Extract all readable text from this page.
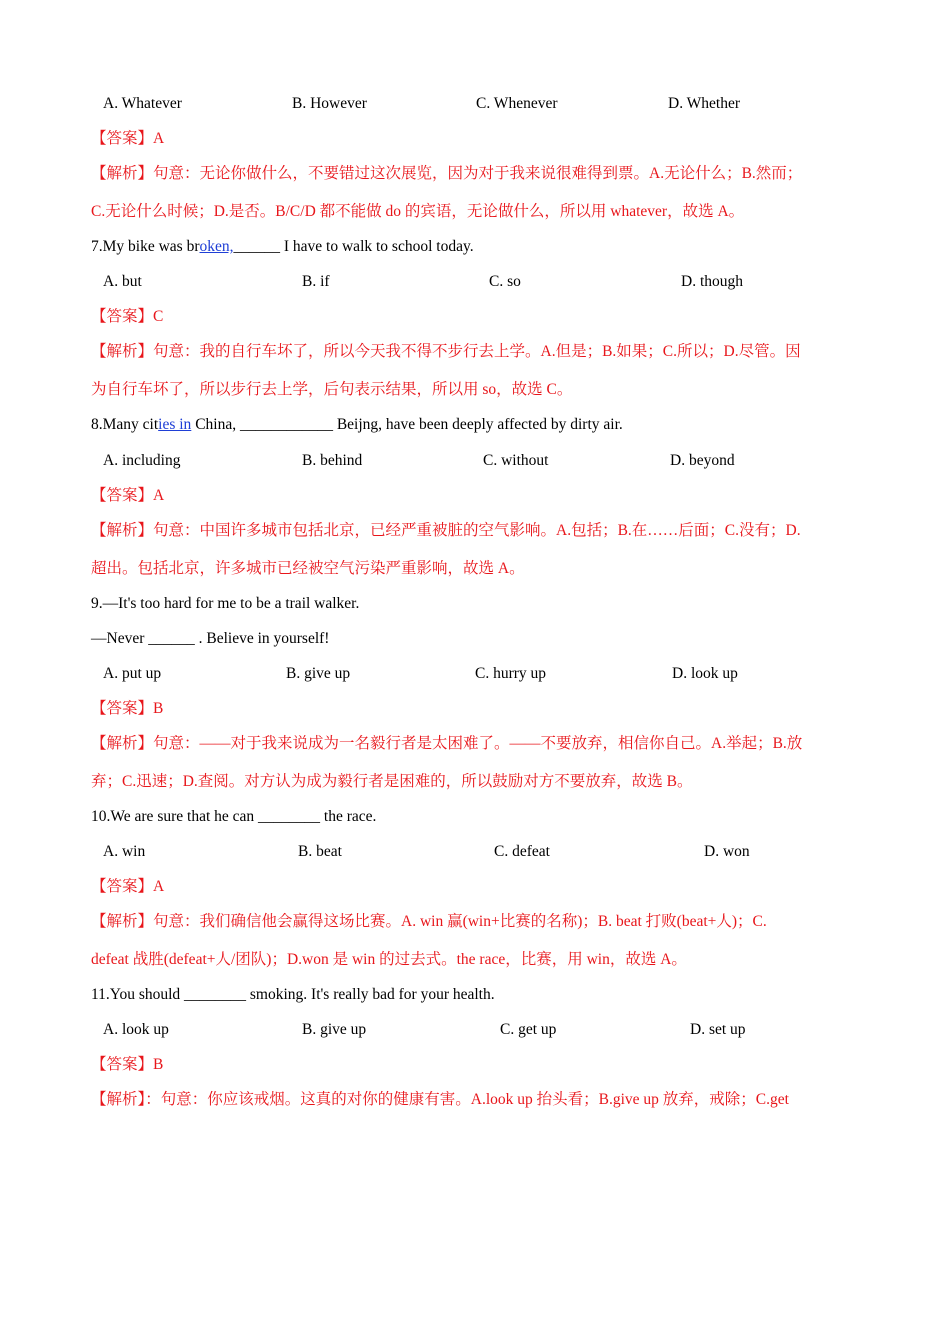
A. Whatever	B. However	C. Whenever	D. Whether
【答案】A
【解析】句意：无论你做什么，不要错过这次展览，因为对于我来说很难得到票。A.无论什么；B.然而；
C.无论什么时候；D.是否。B/C/D 都不能做 do 的宾语，无论做什么，所以用 whatever，故选 A。
7.My bike was broken,______ I have to walk to school today.
A. but	B. if	C. so	D. though
【答案】C
【解析】句意：我的自行车坏了，所以今天我不得不步行去上学。A.但是；B.如果；C.所以；D.尽管。因
为自行车坏了，所以步行去上学，后句表示结果，所以用 so，故选 C。
8.Many cities in China, ____________ Beijng, have been deeply affected by dirty air.
A. including	B. behind	C. without	D. beyond
【答案】A
【解析】句意：中国许多城市包括北京，已经严重被脏的空气影响。A.包括；B.在……后面；C.没有；D.
超出。包括北京，许多城市已经被空气污染严重影响，故选 A。
9.—It's too hard for me to be a trail walker.
—Never ______ . Believe in yourself!
A. put up	B. give up	C. hurry up	D. look up
【答案】B
【解析】句意：——对于我来说成为一名毅行者是太困难了。——不要放弃，相信你自己。A.举起；B.放
弃；C.迅速；D.查阅。对方认为成为毅行者是困难的，所以鼓励对方不要放弃，故选 B。
10.We are sure that he can ________ the race.
A. win	B. beat	C. defeat	D. won
【答案】A
【解析】句意：我们确信他会赢得这场比赛。A. win 赢(win+比赛的名称)；B. beat 打败(beat+人)；C.
defeat 战胜(defeat+人/团队)；D.won 是 win 的过去式。the race，比赛，用 win，故选 A。
11.You should ________ smoking. It's really bad for your health.
A. look up	B. give up	C. get up	D. set up
【答案】B
【解析】：句意：你应该戒烟。这真的对你的健康有害。A.look up 抬头看；B.give up 放弃，戒除；C.get
